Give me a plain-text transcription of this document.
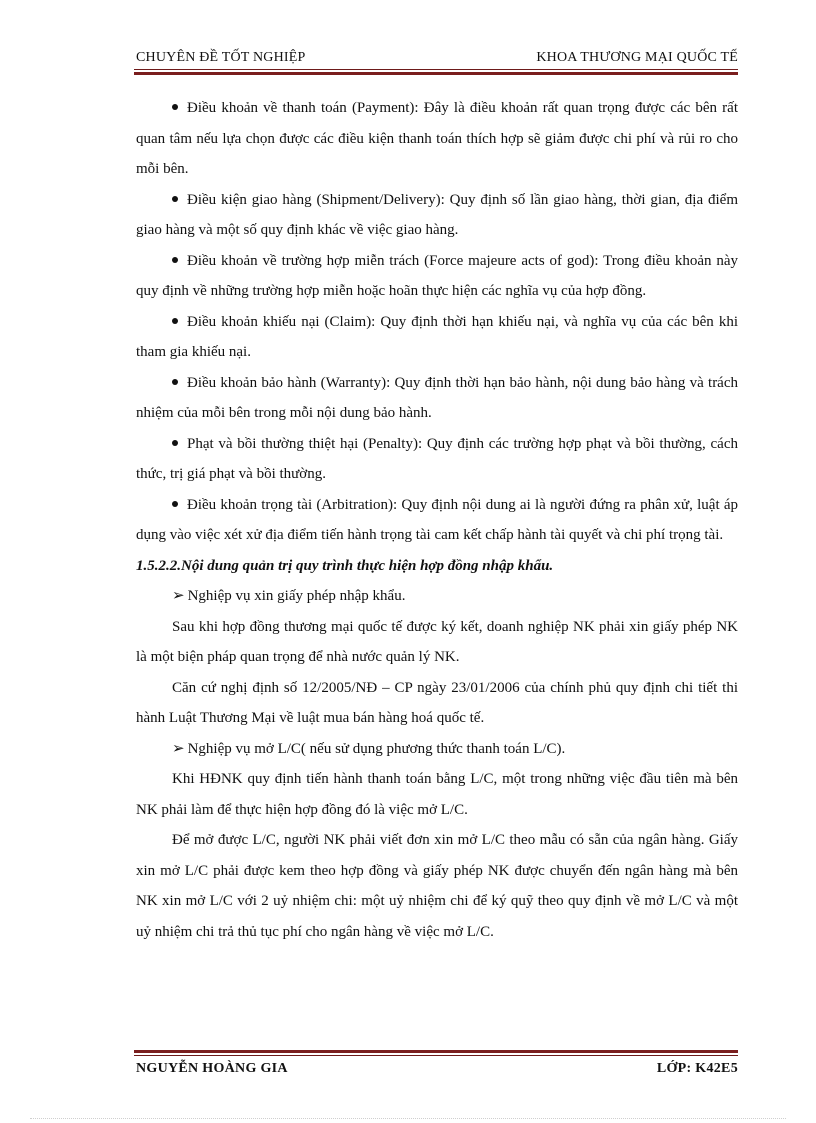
CHUYÊN ĐỀ TỐT NGHIỆP	KHOA THƯƠNG MẠI QUỐC TẾ

Điều khoản về thanh toán (Payment): Đây là điều khoản rất quan trọng được các bên rất quan tâm nếu lựa chọn được các điều kiện thanh toán thích hợp sẽ giảm được chi phí và rủi ro cho mỗi bên.

Điều kiện giao hàng (Shipment/Delivery): Quy định số lần giao hàng, thời gian, địa điểm giao hàng và một số quy định khác về việc giao hàng.

Điều khoản về trường hợp miễn trách (Force majeure acts of god): Trong điều khoản này quy định về những trường hợp miễn hoặc hoãn thực hiện các nghĩa vụ của hợp đồng.

Điều khoản khiếu nại (Claim): Quy định thời hạn khiếu nại, và nghĩa vụ của các bên khi tham gia khiếu nại.

Điều khoản bảo hành (Warranty): Quy định thời hạn bảo hành, nội dung bảo hàng và trách nhiệm của mỗi bên trong mỗi nội dung bảo hành.

Phạt và bồi thường thiệt hại (Penalty): Quy định các trường hợp phạt và bồi thường, cách thức, trị giá phạt và bồi thường.

Điều khoản trọng tài (Arbitration): Quy định nội dung ai là người đứng ra phân xử, luật áp dụng vào việc xét xử địa điểm tiến hành trọng tài cam kết chấp hành tài quyết và chi phí trọng tài.

1.5.2.2.Nội dung quản trị quy trình thực hiện hợp đồng nhập khẩu.

➢ Nghiệp vụ xin giấy phép nhập khẩu.

Sau khi hợp đồng thương mại quốc tế được ký kết, doanh nghiệp NK phải xin giấy phép NK là một biện pháp quan trọng để nhà nước quản lý NK.

Căn cứ nghị định số 12/2005/NĐ – CP ngày 23/01/2006 của chính phủ quy định chi tiết thi hành Luật Thương Mại về luật mua bán hàng hoá quốc tế.

➢ Nghiệp vụ mở L/C( nếu sử dụng phương thức thanh toán L/C).

Khi HĐNK quy định tiến hành thanh toán bằng L/C, một trong những việc đầu tiên mà bên NK phải làm để thực hiện hợp đồng đó là việc mở L/C.

Để mở được L/C, người NK phải viết đơn xin mở L/C theo mẫu có sẵn của ngân hàng. Giấy xin mở L/C phải được kem theo hợp đồng và giấy phép NK được chuyển đến ngân hàng mà bên NK xin mở L/C với 2 uỷ nhiệm chi: một uỷ nhiệm chi để ký quỹ theo quy định về mở L/C và một uỷ nhiệm chi trả thủ tục phí cho ngân hàng về việc mở L/C.

NGUYỄN HOÀNG GIA	LỚP: K42E5
